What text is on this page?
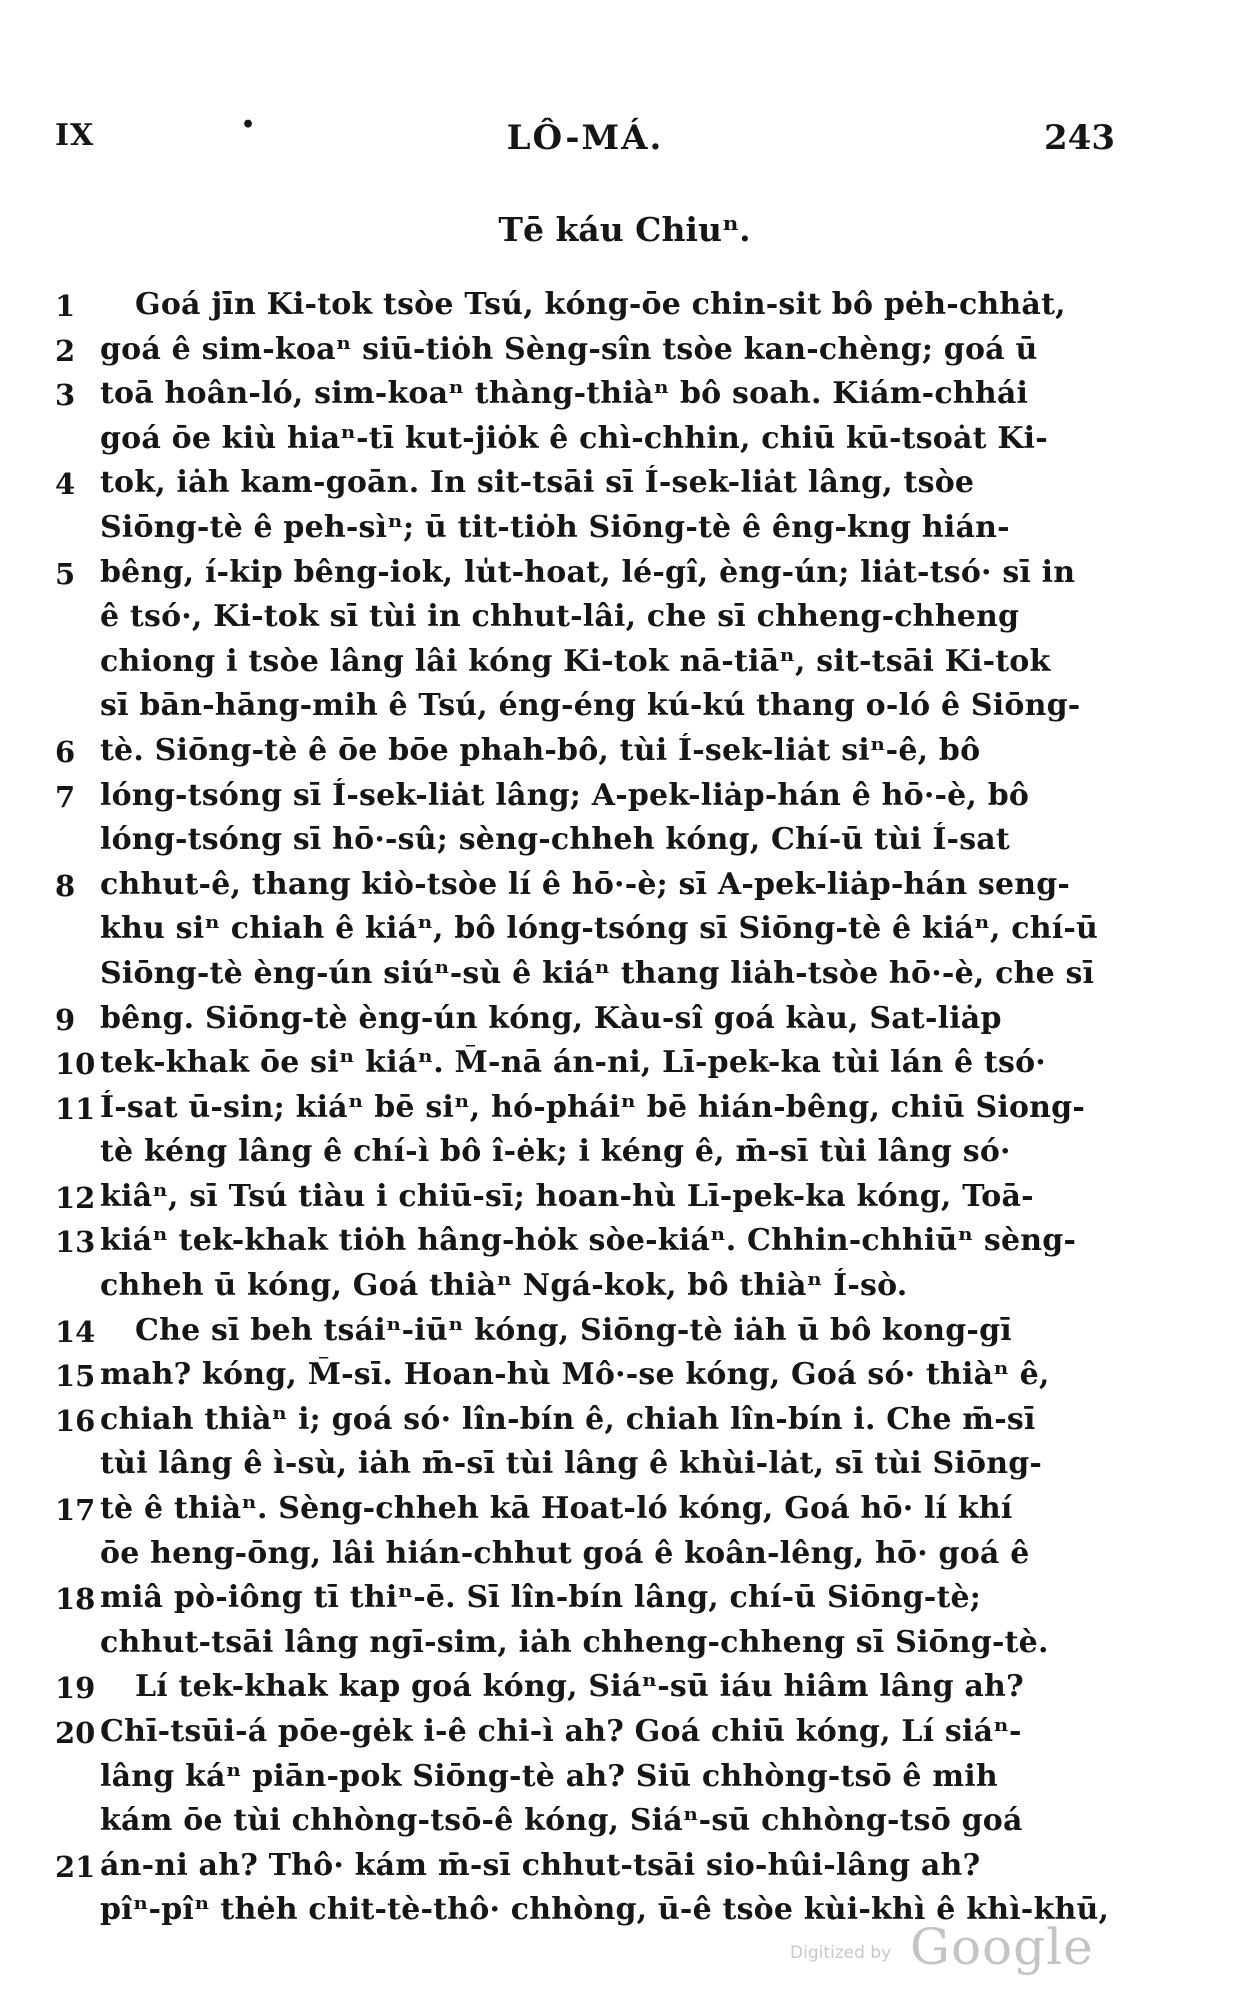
IX	•	LÔ-MÁ.	243
Tē káu Chiuⁿ.
1	Goá jīn Ki-tok tsòe Tsú, kóng-ōe chin-sit bô pėh-chhȧt,
2 goá ê sim-koaⁿ siū-tiȯh Sèng-sîn tsòe kan-chèng; goá ū
3 toā hoân-ló, sim-koaⁿ thàng-thiàⁿ bô soah. Kiám-chhái
goá ōe kiù hiaⁿ-tī kut-jiȯk ê chì-chhin, chiū kū-tsoȧt Ki-
4 tok, iȧh kam-goān. In sit-tsāi sī Í-sek-liȧt lâng, tsòe
Siōng-tè ê peh-sìⁿ; ū tit-tiȯh Siōng-tè ê êng-kng hián-
5 bêng, í-kip bêng-iok, lu̍t-hoat, lé-gî, èng-ún; liȧt-tsó· sī in
ê tsó·, Ki-tok sī tùi in chhut-lâi, che sī chheng-chheng
chiong i tsòe lâng lâi kóng Ki-tok nā-tiāⁿ, sit-tsāi Ki-tok
sī bān-hāng-mih ê Tsú, éng-éng kú-kú thang o-ló ê Siōng-
6 tè. Siōng-tè ê ōe bōe phah-bô, tùi Í-sek-liȧt siⁿ-ê, bô
7 lóng-tsóng sī Í-sek-liȧt lâng; A-pek-liȧp-hán ê hō·-è, bô
lóng-tsóng sī hō·-sû; sèng-chheh kóng, Chí-ū tùi Í-sat
8 chhut-ê, thang kiò-tsòe lí ê hō·-è; sī A-pek-liȧp-hán seng-
khu siⁿ chiah ê kiáⁿ, bô lóng-tsóng sī Siōng-tè ê kiáⁿ, chí-ū
Siōng-tè èng-ún siúⁿ-sù ê kiáⁿ thang liȧh-tsòe hō·-è, che sī
9 bêng. Siōng-tè èng-ún kóng, Kàu-sî goá kàu, Sat-liȧp
10 tek-khak ōe siⁿ kiáⁿ. M̄-nā án-ni, Lī-pek-ka tùi lán ê tsó·
11 Í-sat ū-sin; kiáⁿ bē siⁿ, hó-pháiⁿ bē hián-bêng, chiū Siong-
tè kéng lâng ê chí-ì bô î-ėk; i kéng ê, m̄-sī tùi lâng só·
12 kiâⁿ, sī Tsú tiàu i chiū-sī; hoan-hù Lī-pek-ka kóng, Toā-
13 kiáⁿ tek-khak tiȯh hâng-hȯk sòe-kiáⁿ. Chhin-chhiūⁿ sèng-
chheh ū kóng, Goá thiàⁿ Ngá-kok, bô thiàⁿ Í-sò.
14 Che sī beh tsáiⁿ-iūⁿ kóng, Siōng-tè iȧh ū bô kong-gī
15 mah? kóng, M̄-sī. Hoan-hù Mô·-se kóng, Goá só· thiàⁿ ê,
16 chiah thiàⁿ i; goá só· lîn-bín ê, chiah lîn-bín i. Che m̄-sī
tùi lâng ê ì-sù, iȧh m̄-sī tùi lâng ê khùi-lȧt, sī tùi Siōng-
17 tè ê thiàⁿ. Sèng-chheh kā Hoat-ló kóng, Goá hō· lí khí
ōe heng-ōng, lâi hián-chhut goá ê koân-lêng, hō· goá ê
18 miâ pò-iông tī thiⁿ-ē. Sī lîn-bín lâng, chí-ū Siōng-tè;
chhut-tsāi lâng ngī-sim, iȧh chheng-chheng sī Siōng-tè.
19 Lí tek-khak kap goá kóng, Siáⁿ-sū iáu hiâm lâng ah?
20 Chī-tsūi-á pōe-gėk i-ê chi-ì ah? Goá chiū kóng, Lí siáⁿ-
lâng káⁿ piān-pok Siōng-tè ah? Siū chhòng-tsō ê mih
kám ōe tùi chhòng-tsō-ê kóng, Siáⁿ-sū chhòng-tsō goá
21 án-ni ah? Thô· kám m̄-sī chhut-tsāi sio-hûi-lâng ah?
pîⁿ-pîⁿ thėh chit-tè-thô· chhòng, ū-ê tsòe kùi-khì ê khì-khū,
Digitized by Google
